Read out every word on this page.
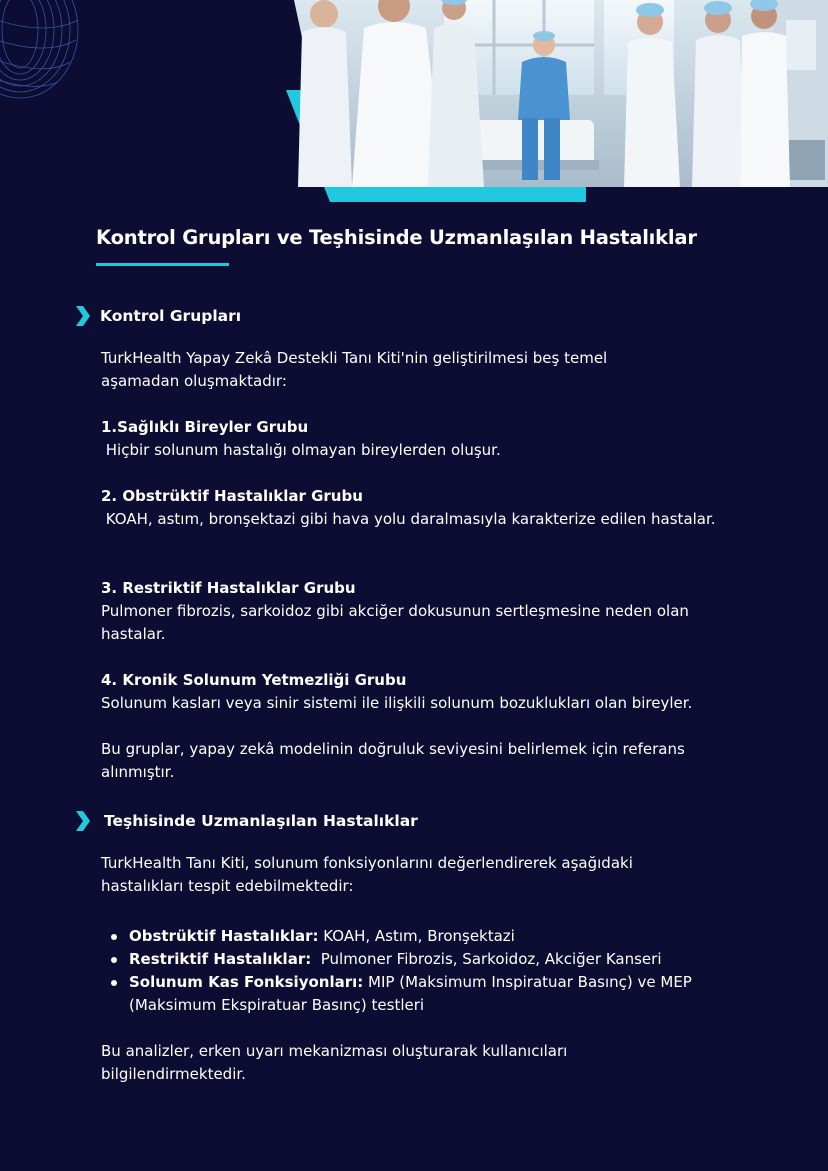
Kontrol Grupları ve Teşhisinde Uzmanlaşılan Hastalıklar
Kontrol Grupları
TurkHealth Yapay Zekâ Destekli Tanı Kiti'nin geliştirilmesi beş temel aşamadan oluşmaktadır:
1.Sağlıklı Bireyler Grubu
Hiçbir solunum hastalığı olmayan bireylerden oluşur.
2. Obstrüktif Hastalıklar Grubu
KOAH, astım, bronşektazi gibi hava yolu daralmasıyla karakterize edilen hastalar.
3. Restriktif Hastalıklar Grubu
Pulmoner fibrozis, sarkoidoz gibi akciğer dokusunun sertleşmesine neden olan hastalar.
4. Kronik Solunum Yetmezliği Grubu
Solunum kasları veya sinir sistemi ile ilişkili solunum bozuklukları olan bireyler.
Bu gruplar, yapay zekâ modelinin doğruluk seviyesini belirlemek için referans alınmıştır.
Teşhisinde Uzmanlaşılan Hastalıklar
TurkHealth Tanı Kiti, solunum fonksiyonlarını değerlendirerek aşağıdaki hastalıkları tespit edebilmektedir:
Obstrüktif Hastalıklar: KOAH, Astım, Bronşektazi
Restriktif Hastalıklar:  Pulmoner Fibrozis, Sarkoidoz, Akciğer Kanseri
Solunum Kas Fonksiyonları: MIP (Maksimum Inspiratuar Basınç) ve MEP (Maksimum Ekspiratuar Basınç) testleri
Bu analizler, erken uyarı mekanizması oluşturarak kullanıcıları bilgilendirmektedir.
